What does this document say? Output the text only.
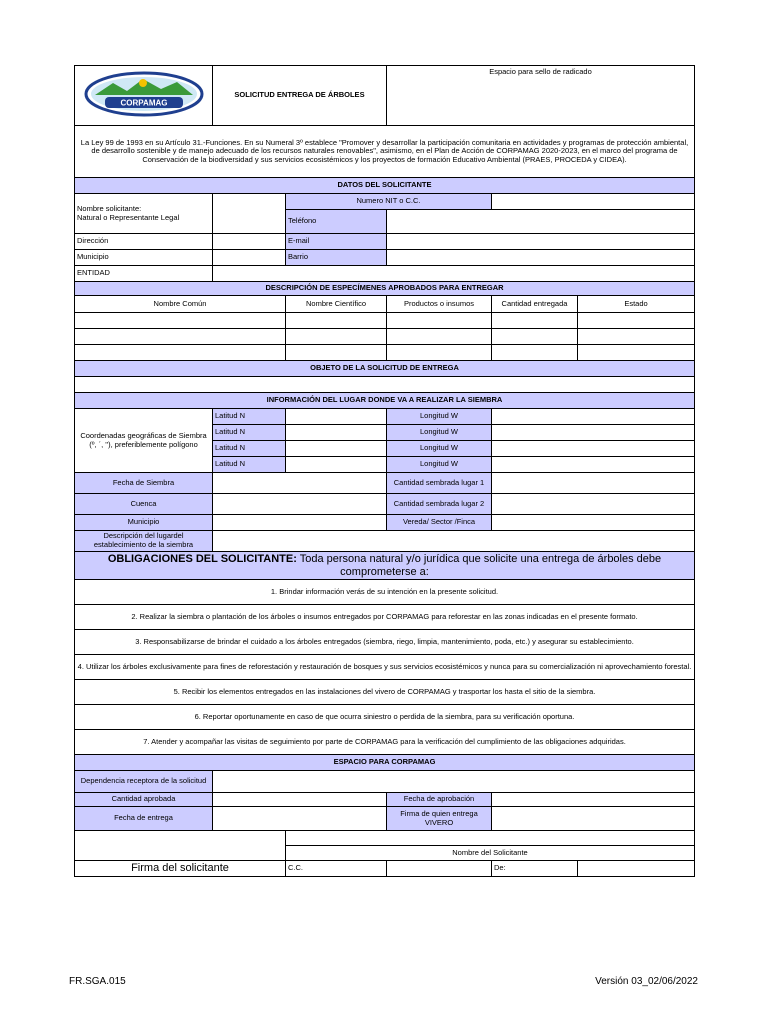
CORPAMAG	SOLICITUD ENTREGA DE ÁRBOLES		Espacio para sello de radicado		
La Ley 99 de 1993 en su Artículo 31.-Funciones. En su Numeral 3º establece "Promover y desarrollar la participación comunitaria en actividades y programas de protección ambiental, de desarrollo sostenible y de manejo adecuado de los recursos naturales renovables", asimismo, en el Plan de Acción de CORPAMAG 2020-2023, en el marco del programa de Conservación de la biodiversidad y sus servicios ecosistémicos y los proyectos de formación Educativo Ambiental (PRAES, PROCEDA y CIDEA).					
DATOS DEL SOLICITANTE					
Nombre solicitante:
Natural o Representante Legal		Numero NIT o C.C.			
		Teléfono			

Dirección		E-mail			
Municipio		Barrio			
ENTIDAD					
DESCRIPCIÓN DE ESPECÍMENES APROBADOS PARA ENTREGAR					
Nombre Común		Nombre Científico	Productos o insumos	Cantidad entregada	Estado

OBJETO DE LA SOLICITUD DE ENTREGA					

INFORMACIÓN DEL LUGAR DONDE VA A REALIZAR LA SIEMBRA					
Coordenadas geográficas de Siembra (º, ´, ''), preferiblemente polígono	Latitud N		Longitud W		
	Latitud N		Longitud W		
	Latitud N		Longitud W		
	Latitud N		Longitud W		
Fecha de Siembra			Cantidad sembrada lugar 1		
Cuenca			Cantidad sembrada lugar 2		
Municipio			Vereda/ Sector /Finca		
Descripción del lugardel establecimiento de la siembra					
OBLIGACIONES DEL SOLICITANTE: Toda persona natural y/o jurídica que solicite una entrega de árboles debe comprometerse a:					
1. Brindar información verás de su intención en la presente solicitud.					
2. Realizar la siembra o plantación de los árboles o insumos entregados por CORPAMAG para reforestar en las zonas indicadas en el presente formato.					
3. Responsabilizarse de brindar el cuidado a los árboles entregados (siembra, riego, limpia, mantenimiento, poda, etc.) y asegurar su establecimiento.					
4. Utilizar los árboles exclusivamente para fines de reforestación y restauración de bosques y sus servicios ecosistémicos y nunca para su comercialización ni aprovechamiento forestal.					
5. Recibir los elementos entregados en las instalaciones del vivero de CORPAMAG y trasportar los hasta el sitio de la siembra.					
6. Reportar oportunamente en caso de que ocurra siniestro o perdida de la siembra, para su verificación oportuna.					
7. Atender y acompañar las visitas de seguimiento por parte de CORPAMAG para la verificación del cumplimiento de las obligaciones adquiridas.					
ESPACIO PARA CORPAMAG					
Dependencia receptora de la solicitud					
Cantidad aprobada			Fecha de aprobación		
Fecha de entrega			Firma de quien entrega VIVERO		

		Nombre del Solicitante			
Firma del solicitante		C.C.		De:	
FR.SGA.015	Versión 03_02/06/2022
